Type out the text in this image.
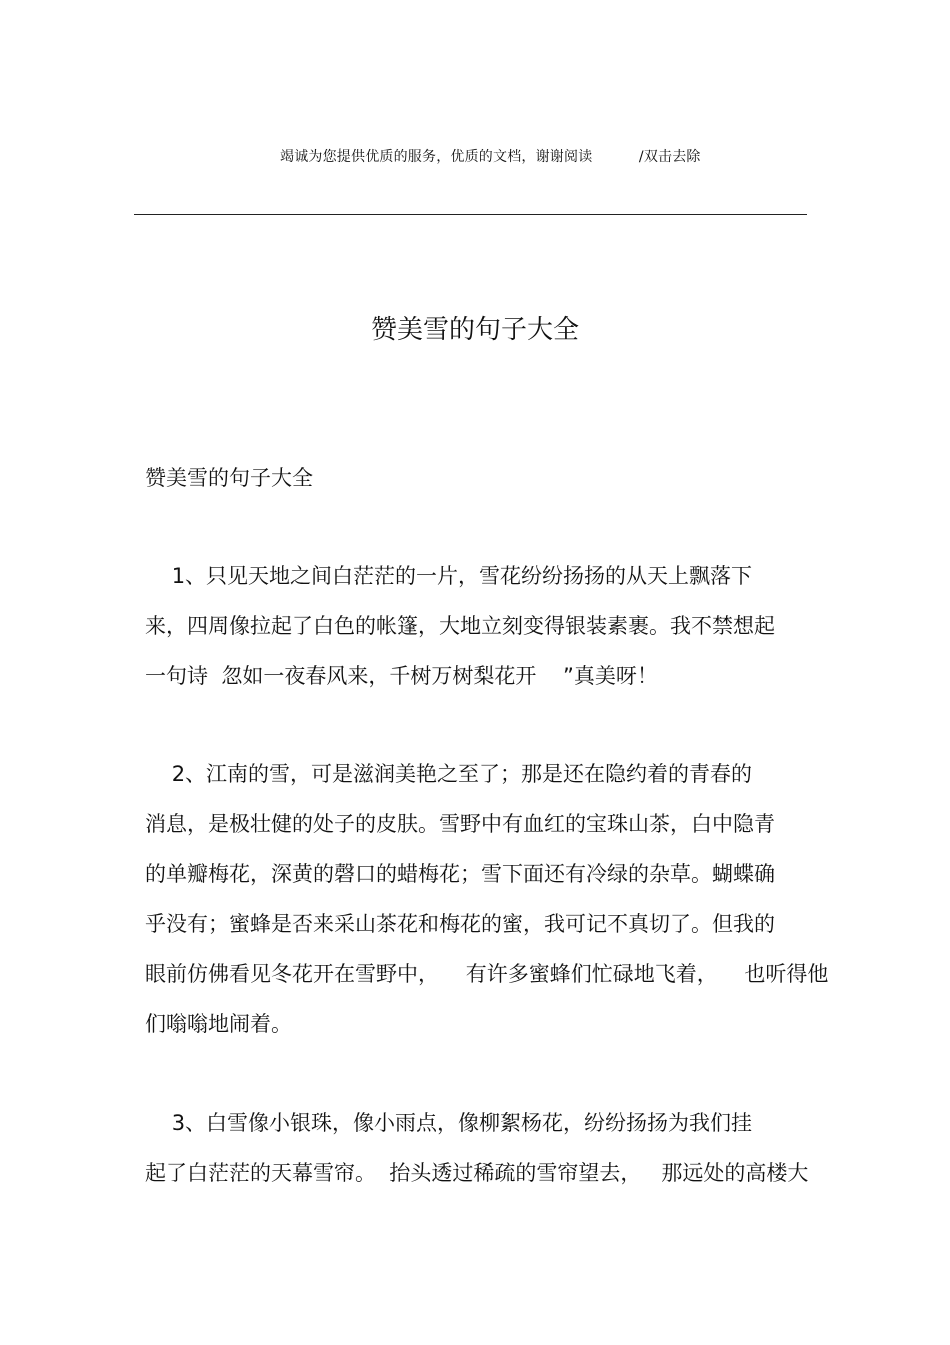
竭诚为您提供优质的服务，优质的文档，谢谢阅读          /双击去除
赞美雪的句子大全
赞美雪的句子大全
1、只见天地之间白茫茫的一片，雪花纷纷扬扬的从天上飘落下
来，四周像拉起了白色的帐篷，大地立刻变得银装素裹。我不禁想起
一句诗  忽如一夜春风来，千树万树梨花开    ”真美呀！
2、江南的雪，可是滋润美艳之至了；那是还在隐约着的青春的
消息，是极壮健的处子的皮肤。雪野中有血红的宝珠山茶，白中隐青
的单瓣梅花，深黄的磬口的蜡梅花；雪下面还有冷绿的杂草。蝴蝶确
乎没有；蜜蜂是否来采山茶花和梅花的蜜，我可记不真切了。但我的
眼前仿佛看见冬花开在雪野中，    有许多蜜蜂们忙碌地飞着，    也听得他
们嗡嗡地闹着。
3、白雪像小银珠，像小雨点，像柳絮杨花，纷纷扬扬为我们挂
起了白茫茫的天幕雪帘。  抬头透过稀疏的雪帘望去，   那远处的高楼大
